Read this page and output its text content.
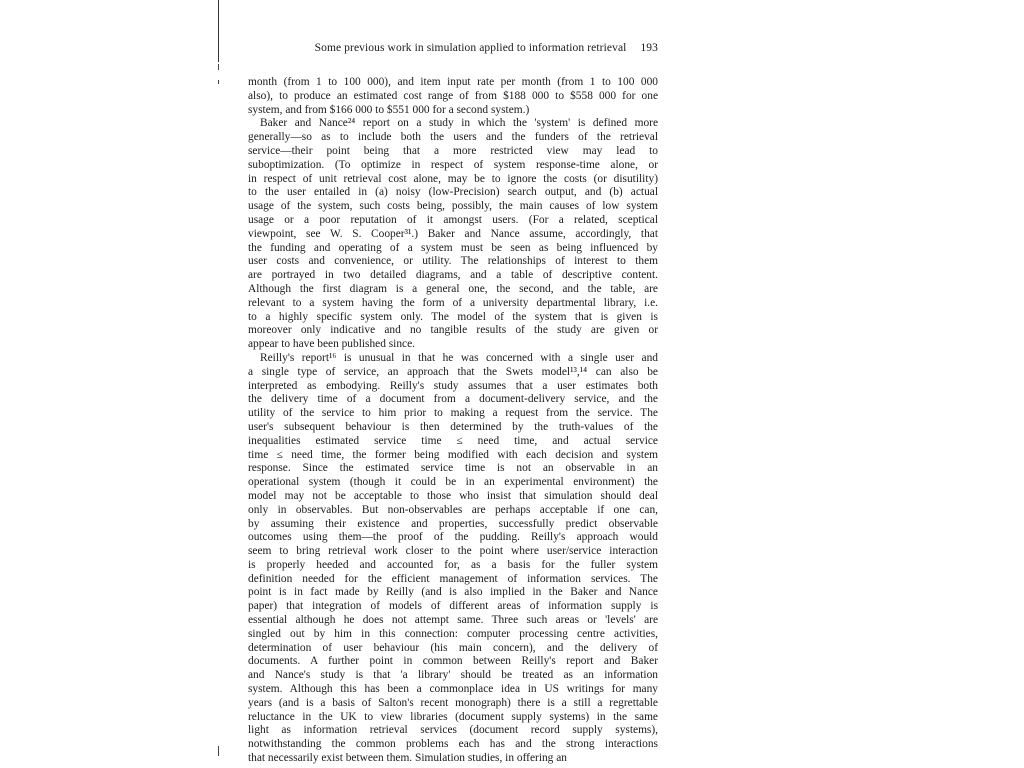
Some previous work in simulation applied to information retrieval 193

month (from 1 to 100 000), and item input rate per month (from 1 to 100 000
also), to produce an estimated cost range of from $188 000 to $558 000 for one
system, and from $166 000 to $551 000 for a second system.)

Baker and Nance²⁴ report on a study in which the 'system' is defined more
generally—so as to include both the users and the funders of the retrieval
service—their point being that a more restricted view may lead to
suboptimization. (To optimize in respect of system response-time alone, or
in respect of unit retrieval cost alone, may be to ignore the costs (or disutility)
to the user entailed in (a) noisy (low-Precision) search output, and (b) actual
usage of the system, such costs being, possibly, the main causes of low system
usage or a poor reputation of it amongst users. (For a related, sceptical
viewpoint, see W. S. Cooper³¹.) Baker and Nance assume, accordingly, that
the funding and operating of a system must be seen as being influenced by
user costs and convenience, or utility. The relationships of interest to them
are portrayed in two detailed diagrams, and a table of descriptive content.
Although the first diagram is a general one, the second, and the table, are
relevant to a system having the form of a university departmental library, i.e.
to a highly specific system only. The model of the system that is given is
moreover only indicative and no tangible results of the study are given or
appear to have been published since.

Reilly's report¹⁶ is unusual in that he was concerned with a single user and
a single type of service, an approach that the Swets model¹³,¹⁴ can also be
interpreted as embodying. Reilly's study assumes that a user estimates both
the delivery time of a document from a document-delivery service, and the
utility of the service to him prior to making a request from the service. The
user's subsequent behaviour is then determined by the truth-values of the
inequalities estimated service time ≤ need time, and actual service
time ≤ need time, the former being modified with each decision and system
response. Since the estimated service time is not an observable in an
operational system (though it could be in an experimental environment) the
model may not be acceptable to those who insist that simulation should deal
only in observables. But non-observables are perhaps acceptable if one can,
by assuming their existence and properties, successfully predict observable
outcomes using them—the proof of the pudding. Reilly's approach would
seem to bring retrieval work closer to the point where user/service interaction
is properly heeded and accounted for, as a basis for the fuller system
definition needed for the efficient management of information services. The
point is in fact made by Reilly (and is also implied in the Baker and Nance
paper) that integration of models of different areas of information supply is
essential although he does not attempt same. Three such areas or 'levels' are
singled out by him in this connection: computer processing centre activities,
determination of user behaviour (his main concern), and the delivery of
documents. A further point in common between Reilly's report and Baker
and Nance's study is that 'a library' should be treated as an information
system. Although this has been a commonplace idea in US writings for many
years (and is a basis of Salton's recent monograph) there is a still a regrettable
reluctance in the UK to view libraries (document supply systems) in the same
light as information retrieval services (document record supply systems),
notwithstanding the common problems each has and the strong interactions
that necessarily exist between them. Simulation studies, in offering an
